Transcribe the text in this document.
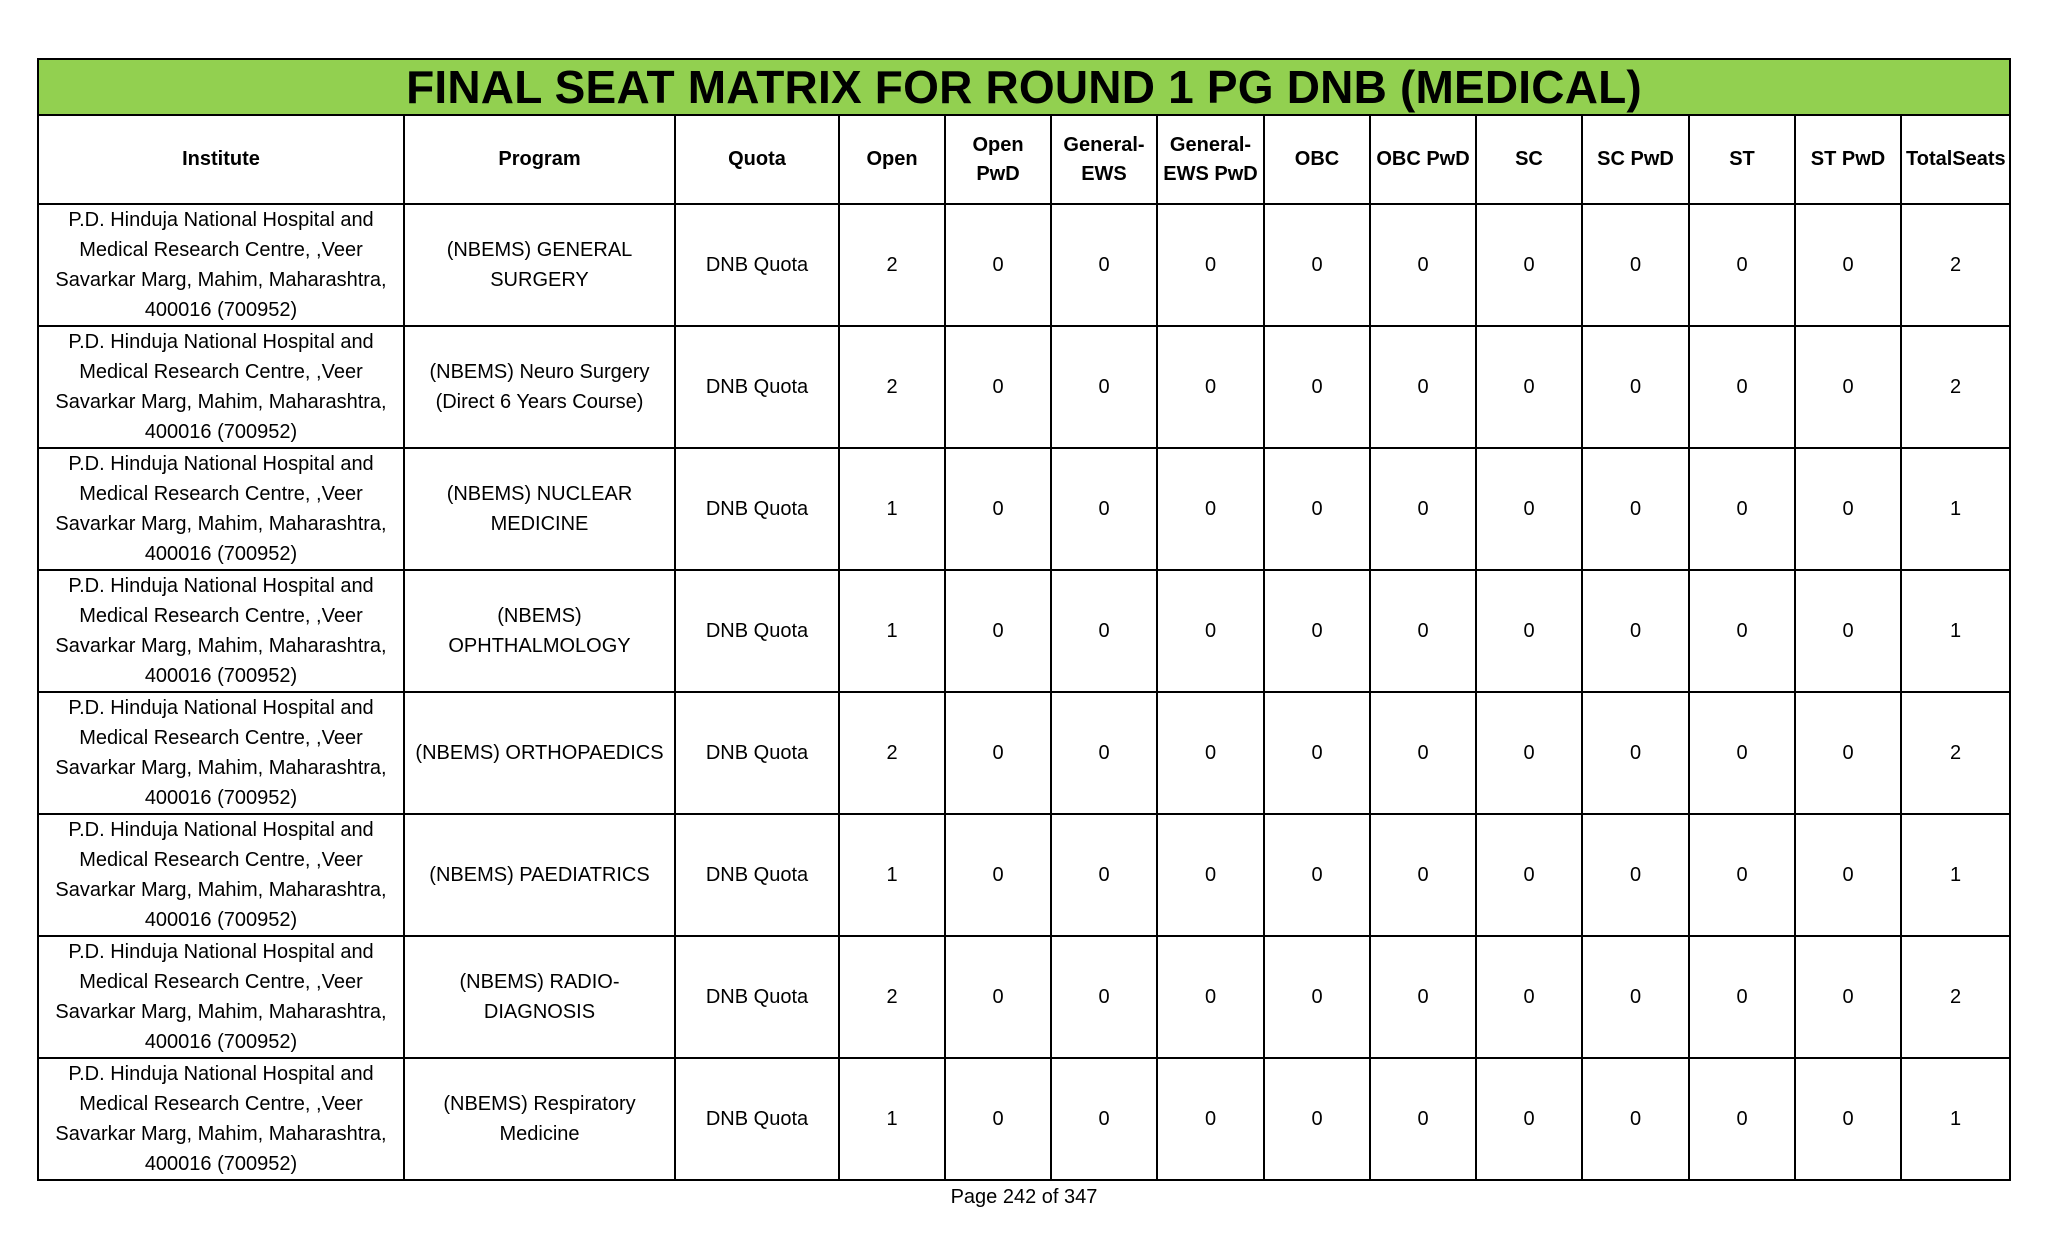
FINAL SEAT MATRIX FOR ROUND 1 PG DNB (MEDICAL)													
Institute	Program	Quota	Open	Open PwD	General-EWS	General-EWS PwD	OBC	OBC PwD	SC	SC PwD	ST	ST PwD	TotalSeats
P.D. Hinduja National Hospital and Medical Research Centre, ,Veer Savarkar Marg, Mahim, Maharashtra, 400016 (700952)	(NBEMS) GENERAL SURGERY	DNB Quota	2	0	0	0	0	0	0	0	0	0	2
P.D. Hinduja National Hospital and Medical Research Centre, ,Veer Savarkar Marg, Mahim, Maharashtra, 400016 (700952)	(NBEMS) Neuro Surgery (Direct 6 Years Course)	DNB Quota	2	0	0	0	0	0	0	0	0	0	2
P.D. Hinduja National Hospital and Medical Research Centre, ,Veer Savarkar Marg, Mahim, Maharashtra, 400016 (700952)	(NBEMS) NUCLEAR MEDICINE	DNB Quota	1	0	0	0	0	0	0	0	0	0	1
P.D. Hinduja National Hospital and Medical Research Centre, ,Veer Savarkar Marg, Mahim, Maharashtra, 400016 (700952)	(NBEMS) OPHTHALMOLOGY	DNB Quota	1	0	0	0	0	0	0	0	0	0	1
P.D. Hinduja National Hospital and Medical Research Centre, ,Veer Savarkar Marg, Mahim, Maharashtra, 400016 (700952)	(NBEMS) ORTHOPAEDICS	DNB Quota	2	0	0	0	0	0	0	0	0	0	2
P.D. Hinduja National Hospital and Medical Research Centre, ,Veer Savarkar Marg, Mahim, Maharashtra, 400016 (700952)	(NBEMS) PAEDIATRICS	DNB Quota	1	0	0	0	0	0	0	0	0	0	1
P.D. Hinduja National Hospital and Medical Research Centre, ,Veer Savarkar Marg, Mahim, Maharashtra, 400016 (700952)	(NBEMS) RADIO-DIAGNOSIS	DNB Quota	2	0	0	0	0	0	0	0	0	0	2
P.D. Hinduja National Hospital and Medical Research Centre, ,Veer Savarkar Marg, Mahim, Maharashtra, 400016 (700952)	(NBEMS) Respiratory Medicine	DNB Quota	1	0	0	0	0	0	0	0	0	0	1
Page 242 of 347
